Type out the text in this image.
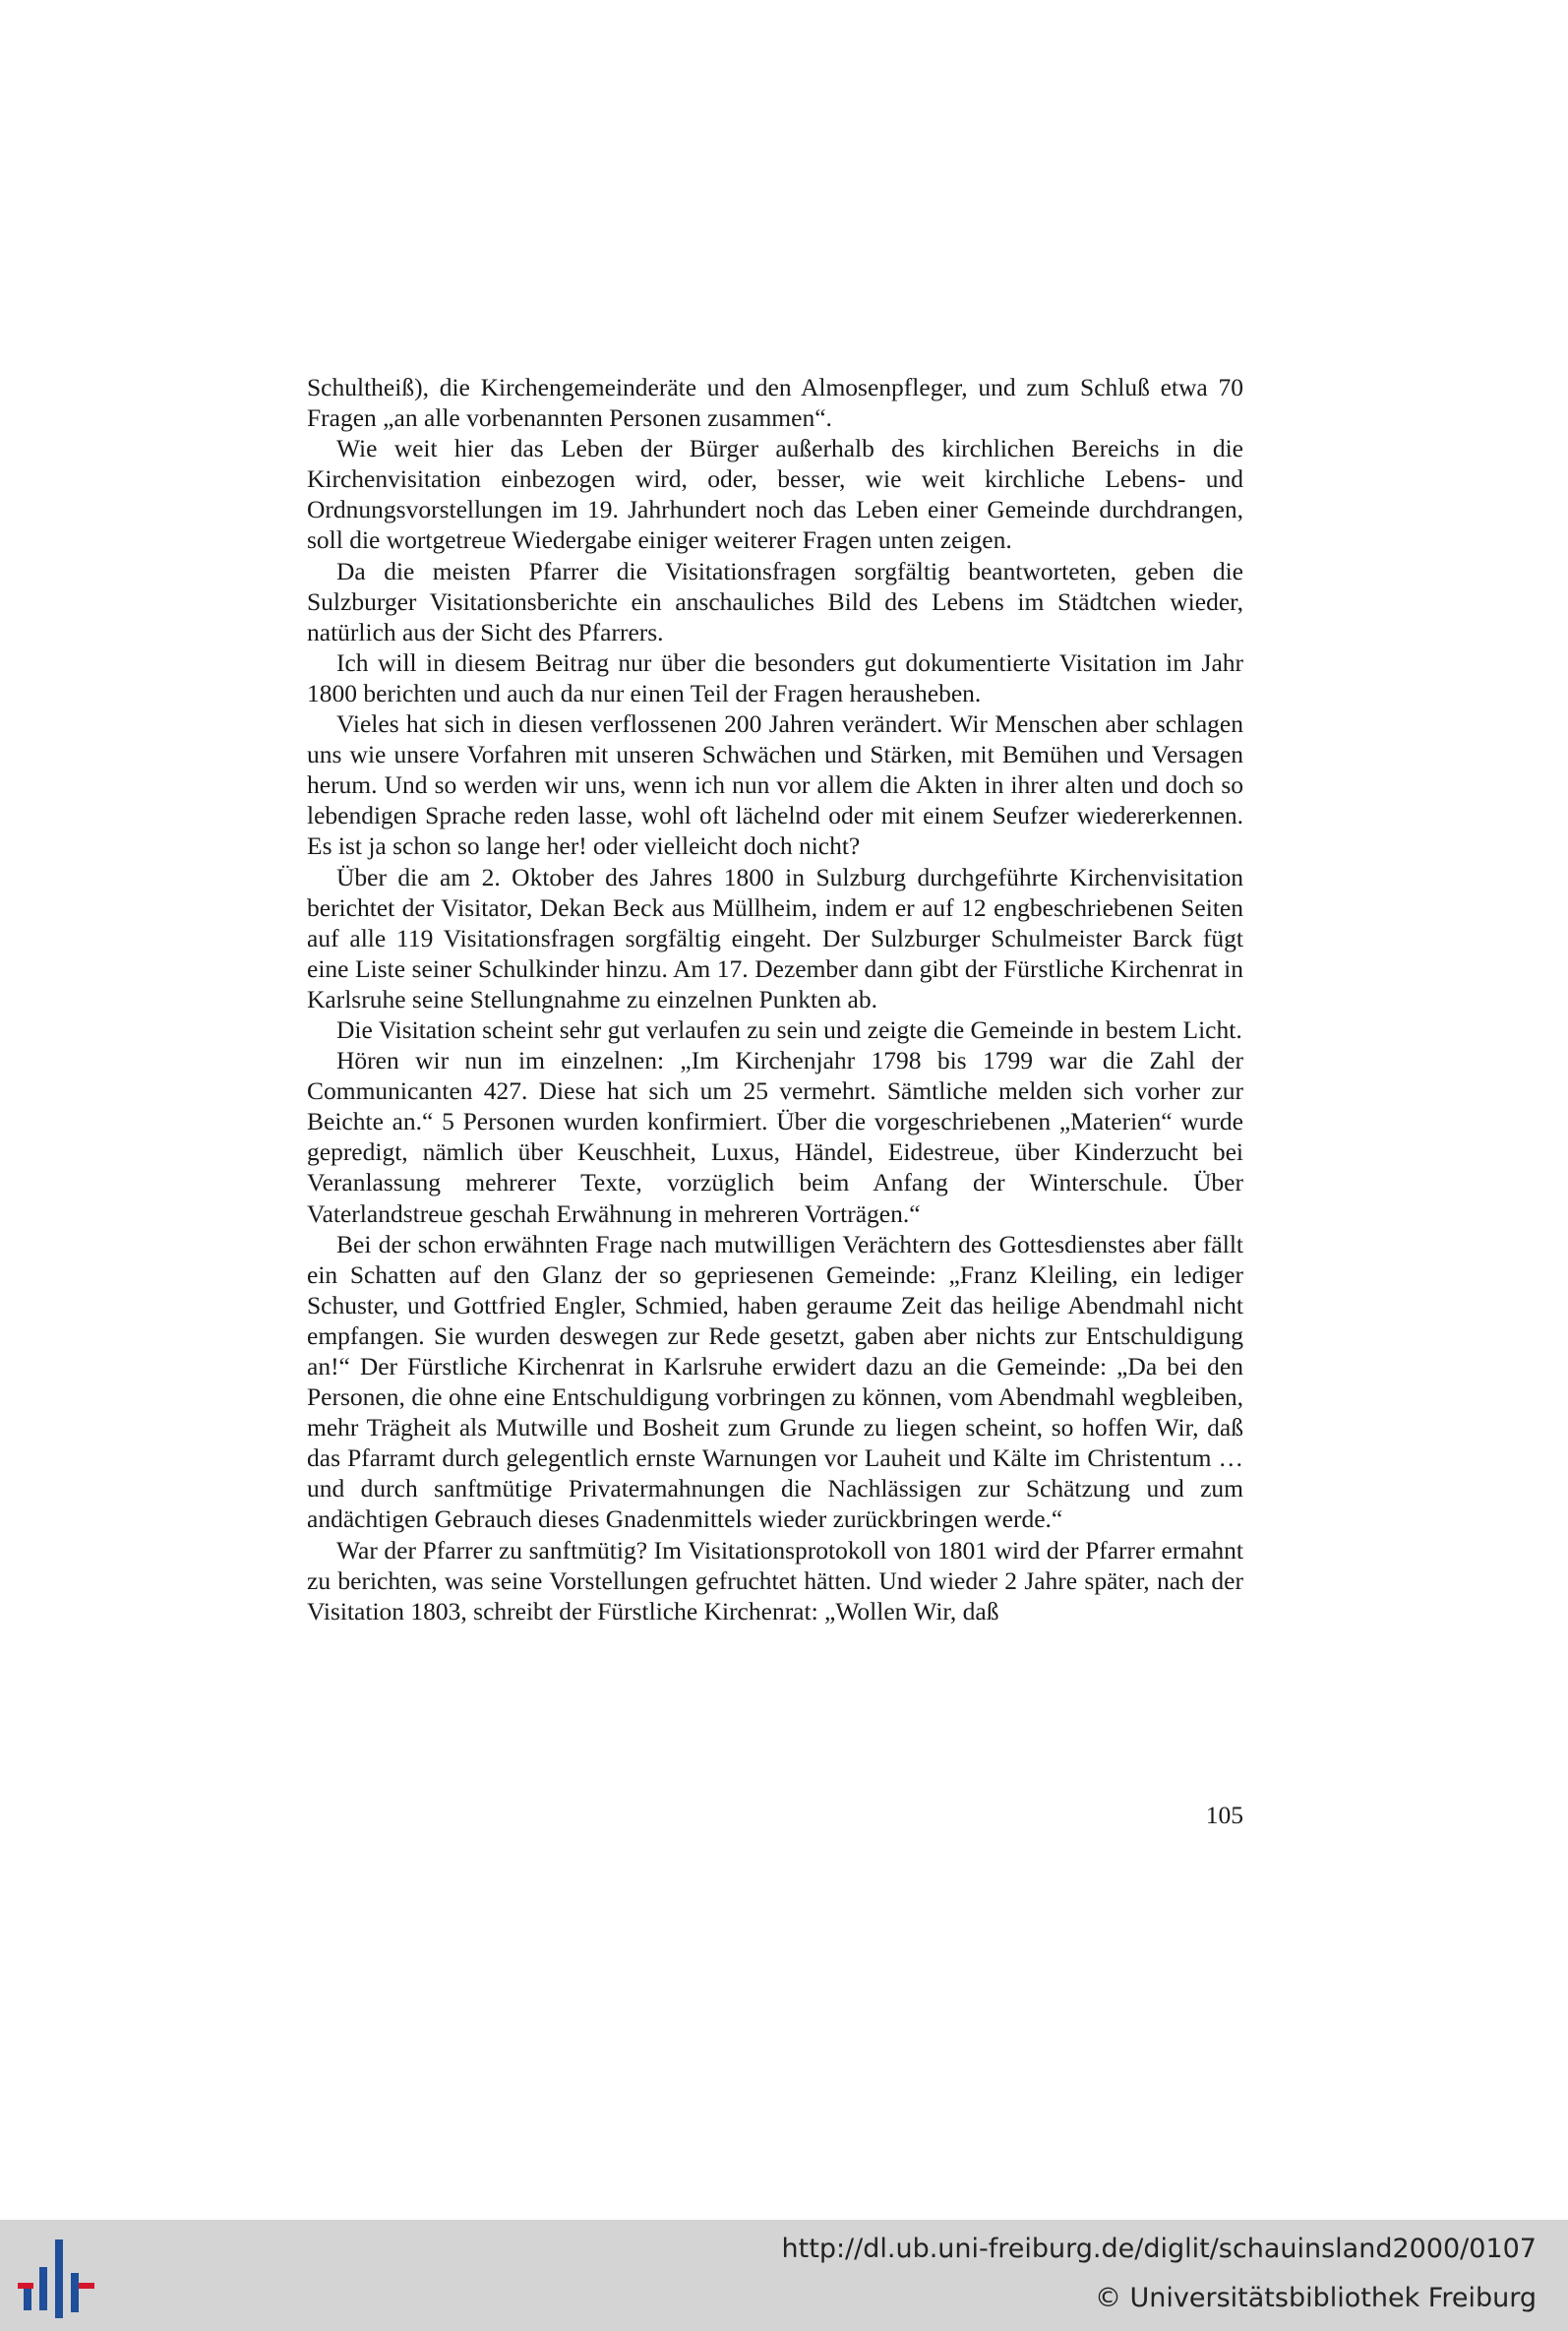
Schultheiß), die Kirchengemeinderäte und den Almosenpfleger, und zum Schluß etwa 70 Fragen „an alle vorbenannten Personen zusammen“.

Wie weit hier das Leben der Bürger außerhalb des kirchlichen Bereichs in die Kirchenvisitation einbezogen wird, oder, besser, wie weit kirchliche Lebens- und Ordnungsvorstellungen im 19. Jahrhundert noch das Leben einer Gemeinde durchdrangen, soll die wortgetreue Wiedergabe einiger weiterer Fragen unten zeigen.

Da die meisten Pfarrer die Visitationsfragen sorgfältig beantworteten, geben die Sulzburger Visitationsberichte ein anschauliches Bild des Lebens im Städtchen wieder, natürlich aus der Sicht des Pfarrers.

Ich will in diesem Beitrag nur über die besonders gut dokumentierte Visitation im Jahr 1800 berichten und auch da nur einen Teil der Fragen herausheben.

Vieles hat sich in diesen verflossenen 200 Jahren verändert. Wir Menschen aber schlagen uns wie unsere Vorfahren mit unseren Schwächen und Stärken, mit Bemühen und Versagen herum. Und so werden wir uns, wenn ich nun vor allem die Akten in ihrer alten und doch so lebendigen Sprache reden lasse, wohl oft lächelnd oder mit einem Seufzer wiedererkennen. Es ist ja schon so lange her! oder vielleicht doch nicht?

Über die am 2. Oktober des Jahres 1800 in Sulzburg durchgeführte Kirchenvisitation berichtet der Visitator, Dekan Beck aus Müllheim, indem er auf 12 engbeschriebenen Seiten auf alle 119 Visitationsfragen sorgfältig eingeht. Der Sulzburger Schulmeister Barck fügt eine Liste seiner Schulkinder hinzu. Am 17. Dezember dann gibt der Fürstliche Kirchenrat in Karlsruhe seine Stellungnahme zu einzelnen Punkten ab.

Die Visitation scheint sehr gut verlaufen zu sein und zeigte die Gemeinde in bestem Licht.

Hören wir nun im einzelnen: „Im Kirchenjahr 1798 bis 1799 war die Zahl der Communicanten 427. Diese hat sich um 25 vermehrt. Sämtliche melden sich vorher zur Beichte an.“ 5 Personen wurden konfirmiert. Über die vorgeschriebenen „Materien“ wurde gepredigt, nämlich über Keuschheit, Luxus, Händel, Eidestreue, über Kinderzucht bei Veranlassung mehrerer Texte, vorzüglich beim Anfang der Winterschule. Über Vaterlandstreue geschah Erwähnung in mehreren Vorträgen.“

Bei der schon erwähnten Frage nach mutwilligen Verächtern des Gottesdienstes aber fällt ein Schatten auf den Glanz der so gepriesenen Gemeinde: „Franz Kleiling, ein lediger Schuster, und Gottfried Engler, Schmied, haben geraume Zeit das heilige Abendmahl nicht empfangen. Sie wurden deswegen zur Rede gesetzt, gaben aber nichts zur Entschuldigung an!“ Der Fürstliche Kirchenrat in Karlsruhe erwidert dazu an die Gemeinde: „Da bei den Personen, die ohne eine Entschuldigung vorbringen zu können, vom Abendmahl wegbleiben, mehr Trägheit als Mutwille und Bosheit zum Grunde zu liegen scheint, so hoffen Wir, daß das Pfarramt durch gelegentlich ernste Warnungen vor Lauheit und Kälte im Christentum … und durch sanftmütige Privatermahnungen die Nachlässigen zur Schätzung und zum andächtigen Gebrauch dieses Gnadenmittels wieder zurückbringen werde.“

War der Pfarrer zu sanftmütig? Im Visitationsprotokoll von 1801 wird der Pfarrer ermahnt zu berichten, was seine Vorstellungen gefruchtet hätten. Und wieder 2 Jahre später, nach der Visitation 1803, schreibt der Fürstliche Kirchenrat: „Wollen Wir, daß

105
http://dl.ub.uni-freiburg.de/diglit/schauinsland2000/0107
© Universitätsbibliothek Freiburg
